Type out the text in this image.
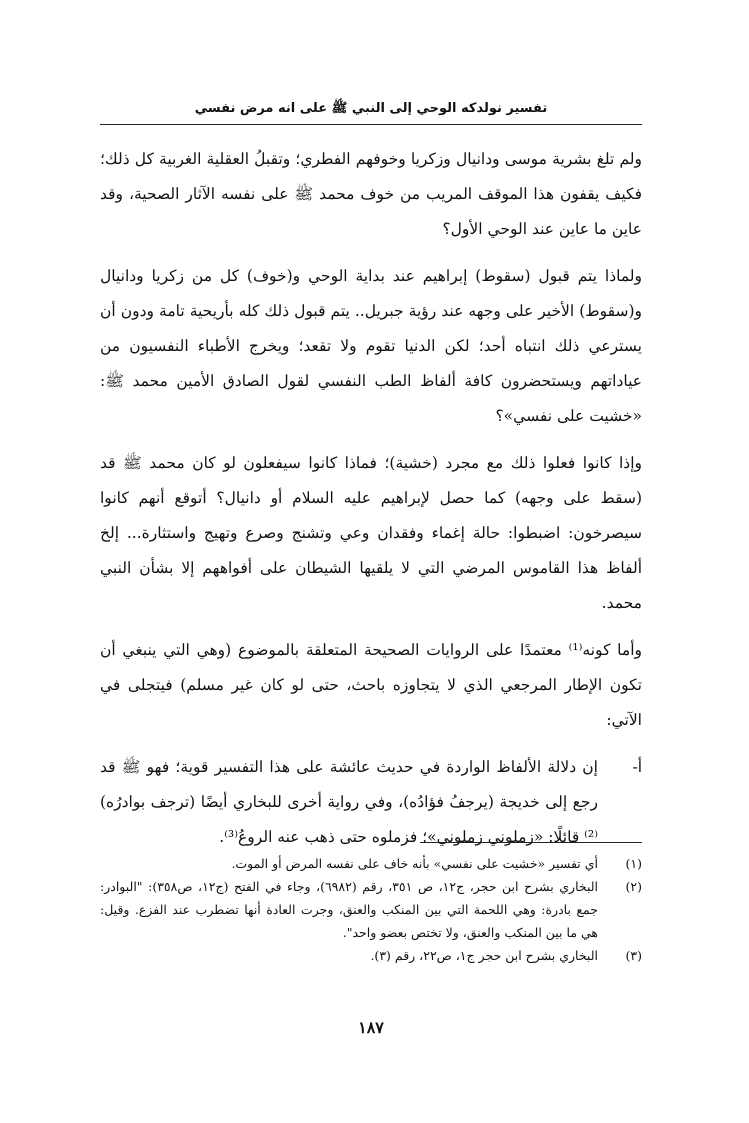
تفسير نولدكه الوحي إلى النبي ﷺ على انه مرض نفسي

ولم تلغ بشرية موسى ودانيال وزكريا وخوفهم الفطري؛ وتقبلُ العقلية الغربية كل ذلك؛ فكيف يقفون هذا الموقف المريب من خوف محمد ﷺ على نفسه الآثار الصحية، وقد عاين ما عاين عند الوحي الأول؟

ولماذا يتم قبول (سقوط) إبراهيم عند بداية الوحي و(خوف) كل من زكريا ودانيال و(سقوط) الأخير على وجهه عند رؤية جبريل.. يتم قبول ذلك كله بأريحية تامة ودون أن يسترعي ذلك انتباه أحد؛ لكن الدنيا تقوم ولا تقعد؛ ويخرج الأطباء النفسيون من عياداتهم ويستحضرون كافة ألفاظ الطب النفسي لقول الصادق الأمين محمد ﷺ: «خشيت على نفسي»؟

وإذا كانوا فعلوا ذلك مع مجرد (خشية)؛ فماذا كانوا سيفعلون لو كان محمد ﷺ قد (سقط على وجهه) كما حصل لإبراهيم عليه السلام أو دانيال؟ أتوقع أنهم كانوا سيصرخون: اضبطوا: حالة إغماء وفقدان وعي وتشنج وصرع وتهيج واستثارة... إلخ ألفاظ هذا القاموس المرضي التي لا يلقيها الشيطان على أفواههم إلا بشأن النبي محمد.

وأما كونه⁽¹⁾ معتمدًا على الروايات الصحيحة المتعلقة بالموضوع (وهي التي ينبغي أن تكون الإطار المرجعي الذي لا يتجاوزه باحث، حتى لو كان غير مسلم) فيتجلى في الآتي:

أ-
إن دلالة الألفاظ الواردة في حديث عائشة على هذا التفسير قوية؛ فهو ﷺ قد رجع إلى خديجة (يرجفُ فؤادُه)، وفي رواية أخرى للبخاري أيضًا (ترجف بوادرُه)⁽²⁾ قائلًا: «زملوني زملوني»؛ فزملوه حتى ذهب عنه الروعُ⁽³⁾.
(١)
أي تفسير «خشيت على نفسي» بأنه خاف على نفسه المرض أو الموت.
(٢)
البخاري بشرح ابن حجر، ج١٢، ص ٣٥١، رقم (٦٩٨٢)، وجاء في الفتح (ج١٢، ص٣٥٨): "البوادر: جمع بادرة: وهي اللحمة التي بين المنكب والعنق، وجرت العادة أنها تضطرب عند الفزع. وقيل: هي ما بين المنكب والعنق، ولا تختص بعضو واحد".
(٣)
البخاري بشرح ابن حجر ج١، ص٢٢، رقم (٣).
١٨٧
